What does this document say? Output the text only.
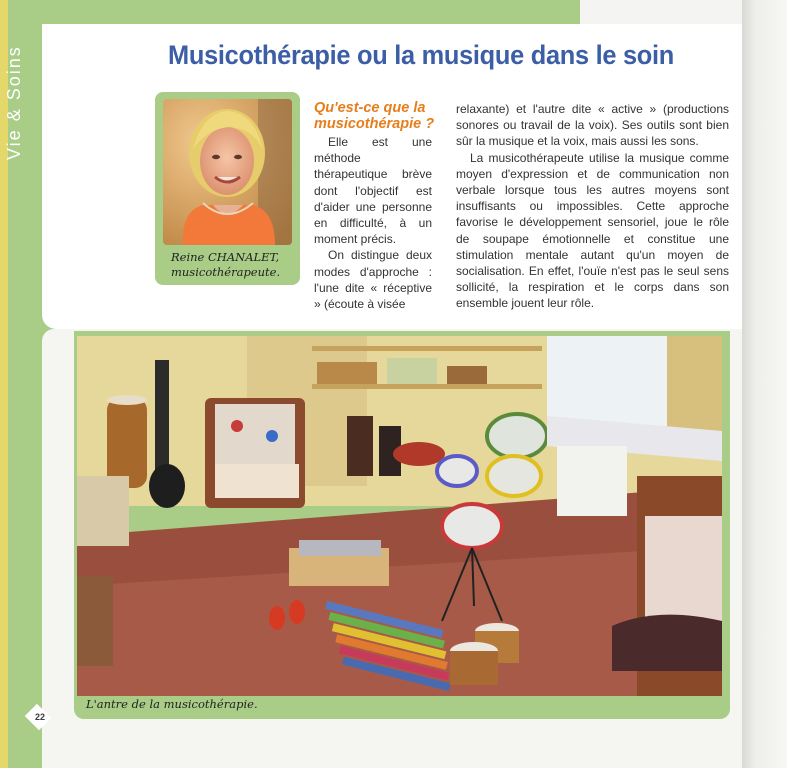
Vie & Soins	Musicothérapie ou la musique dans le soin
Reine CHANALET,
musicothérapeute.
Qu'est-ce que la
musicothérapie ?

Elle est une méthode thérapeutique brève dont l'objectif est d'aider une personne en difficulté, à un moment précis.

On distingue deux modes d'approche : l'une dite « réceptive » (écoute à visée

relaxante) et l'autre dite « active » (productions sonores ou travail de la voix). Ses outils sont bien sûr la musique et la voix, mais aussi les sons.

La musicothérapeute utilise la musique comme moyen d'expression et de communication non verbale lorsque tous les autres moyens sont insuffisants ou impossibles. Cette approche favorise le développement sensoriel, joue le rôle de soupape émotionnelle et constitue une stimulation mentale autant qu'un moyen de socialisation. En effet, l'ouïe n'est pas le seul sens sollicité, la respiration et le corps dans son ensemble jouent leur rôle.

L'antre de la musicothérapie.
22
